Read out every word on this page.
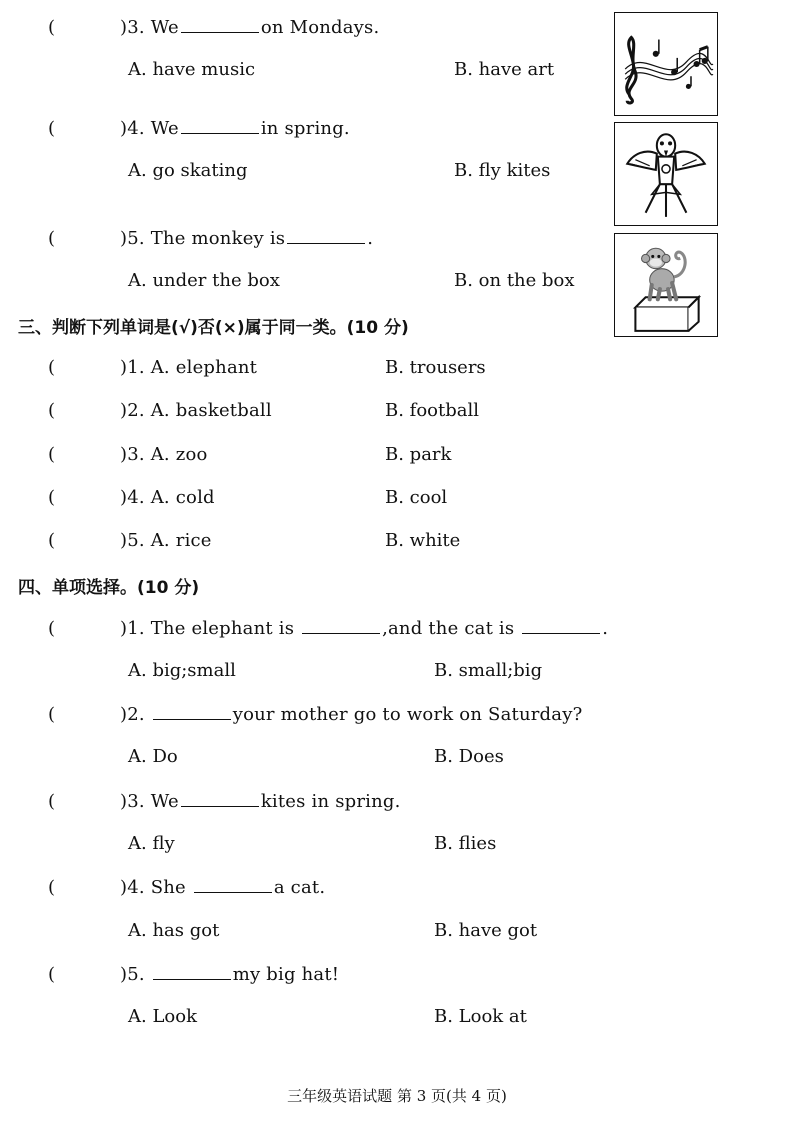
(       )3. We	on Mondays.
A. have music	B. have art
(       )4. We	in spring.
A. go skating	B. fly kites
(       )5. The monkey is	.
A. under the box	B. on the box
三、判断下列单词是(√)否(×)属于同一类。(10 分)
(       )1. A. elephant	B. trousers
(       )2. A. basketball	B. football
(       )3. A. zoo	B. park
(       )4. A. cold	B. cool
(       )5. A. rice	B. white
四、单项选择。(10 分)
(       )1. The elephant is	,and the cat is	.
A. big;small	B. small;big
(       )2.	your mother go to work on Saturday?
A. Do	B. Does
(       )3. We	kites in spring.
A. fly	B. flies
(       )4. She	a cat.
A. has got	B. have got
(       )5.	my big hat!
A. Look	B. Look at
三年级英语试题 第 3 页(共 4 页)
